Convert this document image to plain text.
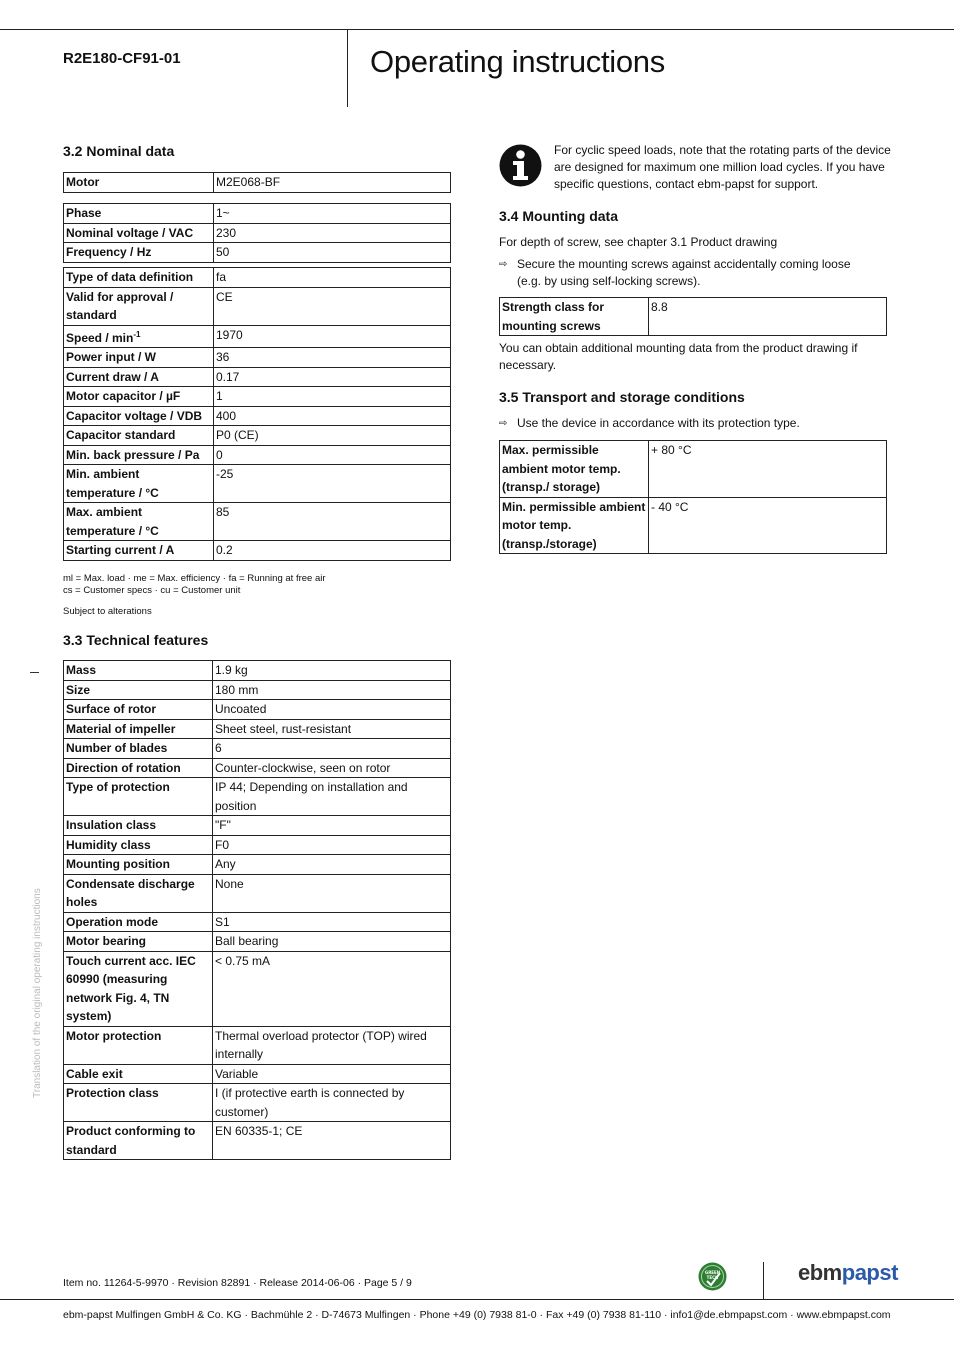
R2E180-CF91-01	Operating instructions
3.2 Nominal data
Motor	M2E068-BF
Phase	1~
Nominal voltage / VAC	230
Frequency / Hz	50
Type of data definition	fa
Valid for approval / standard	CE
Speed / $\min^{-1}$	1970
Power input / W	36
Current draw / A	0.17
Motor capacitor / µF	1
Capacitor voltage / VDB	400
Capacitor standard	P0 (CE)
Min. back pressure / Pa	0
Min. ambient temperature / °C	-25
Max. ambient temperature / °C	85
Starting current / A	0.2
ml = Max. load · me = Max. efficiency · fa = Running at free air
cs = Customer specs · cu = Customer unit
Subject to alterations
3.3 Technical features
Mass	1.9 kg
Size	180 mm
Surface of rotor	Uncoated
Material of impeller	Sheet steel, rust-resistant
Number of blades	6
Direction of rotation	Counter-clockwise, seen on rotor
Type of protection	IP 44; Depending on installation and position
Insulation class	"F"
Humidity class	F0
Mounting position	Any
Condensate discharge holes	None
Operation mode	S1
Motor bearing	Ball bearing
Touch current acc. IEC 60990 (measuring network Fig. 4, TN system)	< 0.75 mA
Motor protection	Thermal overload protector (TOP) wired internally
Cable exit	Variable
Protection class	I (if protective earth is connected by customer)
Product conforming to standard	EN 60335-1; CE
For cyclic speed loads, note that the rotating parts of the device are designed for maximum one million load cycles. If you have specific questions, contact ebm-papst for support.
3.4 Mounting data
For depth of screw, see chapter 3.1 Product drawing
⇨ Secure the mounting screws against accidentally coming loose (e.g. by using self-locking screws).
Strength class for mounting screws	8.8
You can obtain additional mounting data from the product drawing if necessary.
3.5 Transport and storage conditions
⇨ Use the device in accordance with its protection type.
Max. permissible ambient motor temp. (transp./ storage)	+ 80 °C
Min. permissible ambient motor temp. (transp./storage)	- 40 °C
Translation of the original operating instructions
Item no. 11264-5-9970 · Revision 82891 · Release 2014-06-06 · Page 5 / 9
GREEN
TECH	ebmpapst
ebm-papst Mulfingen GmbH & Co. KG · Bachmühle 2 · D-74673 Mulfingen · Phone +49 (0) 7938 81-0 · Fax +49 (0) 7938 81-110 · info1@de.ebmpapst.com · www.ebmpapst.com
